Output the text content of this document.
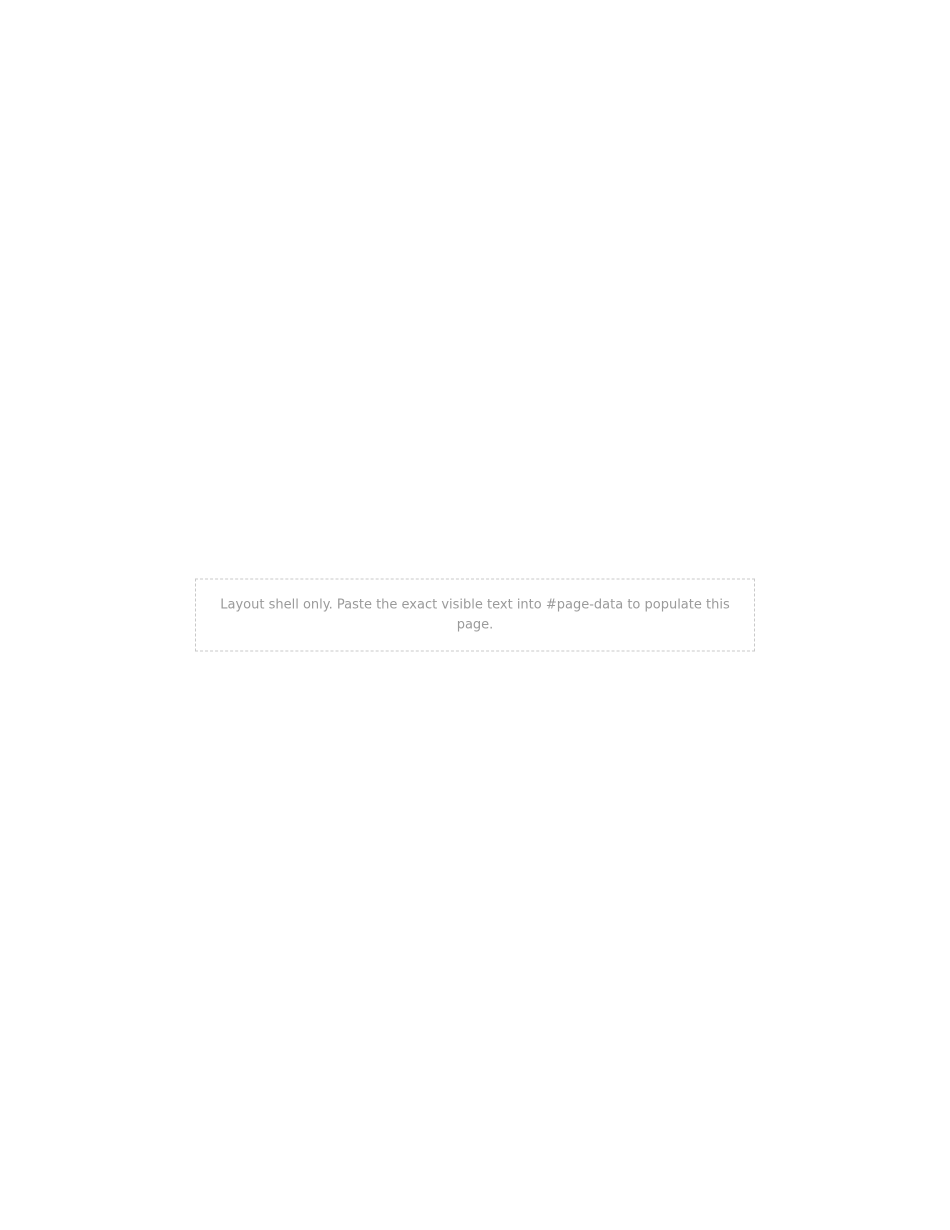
Layout shell only. Paste the exact visible text into #page-data to populate this page.
